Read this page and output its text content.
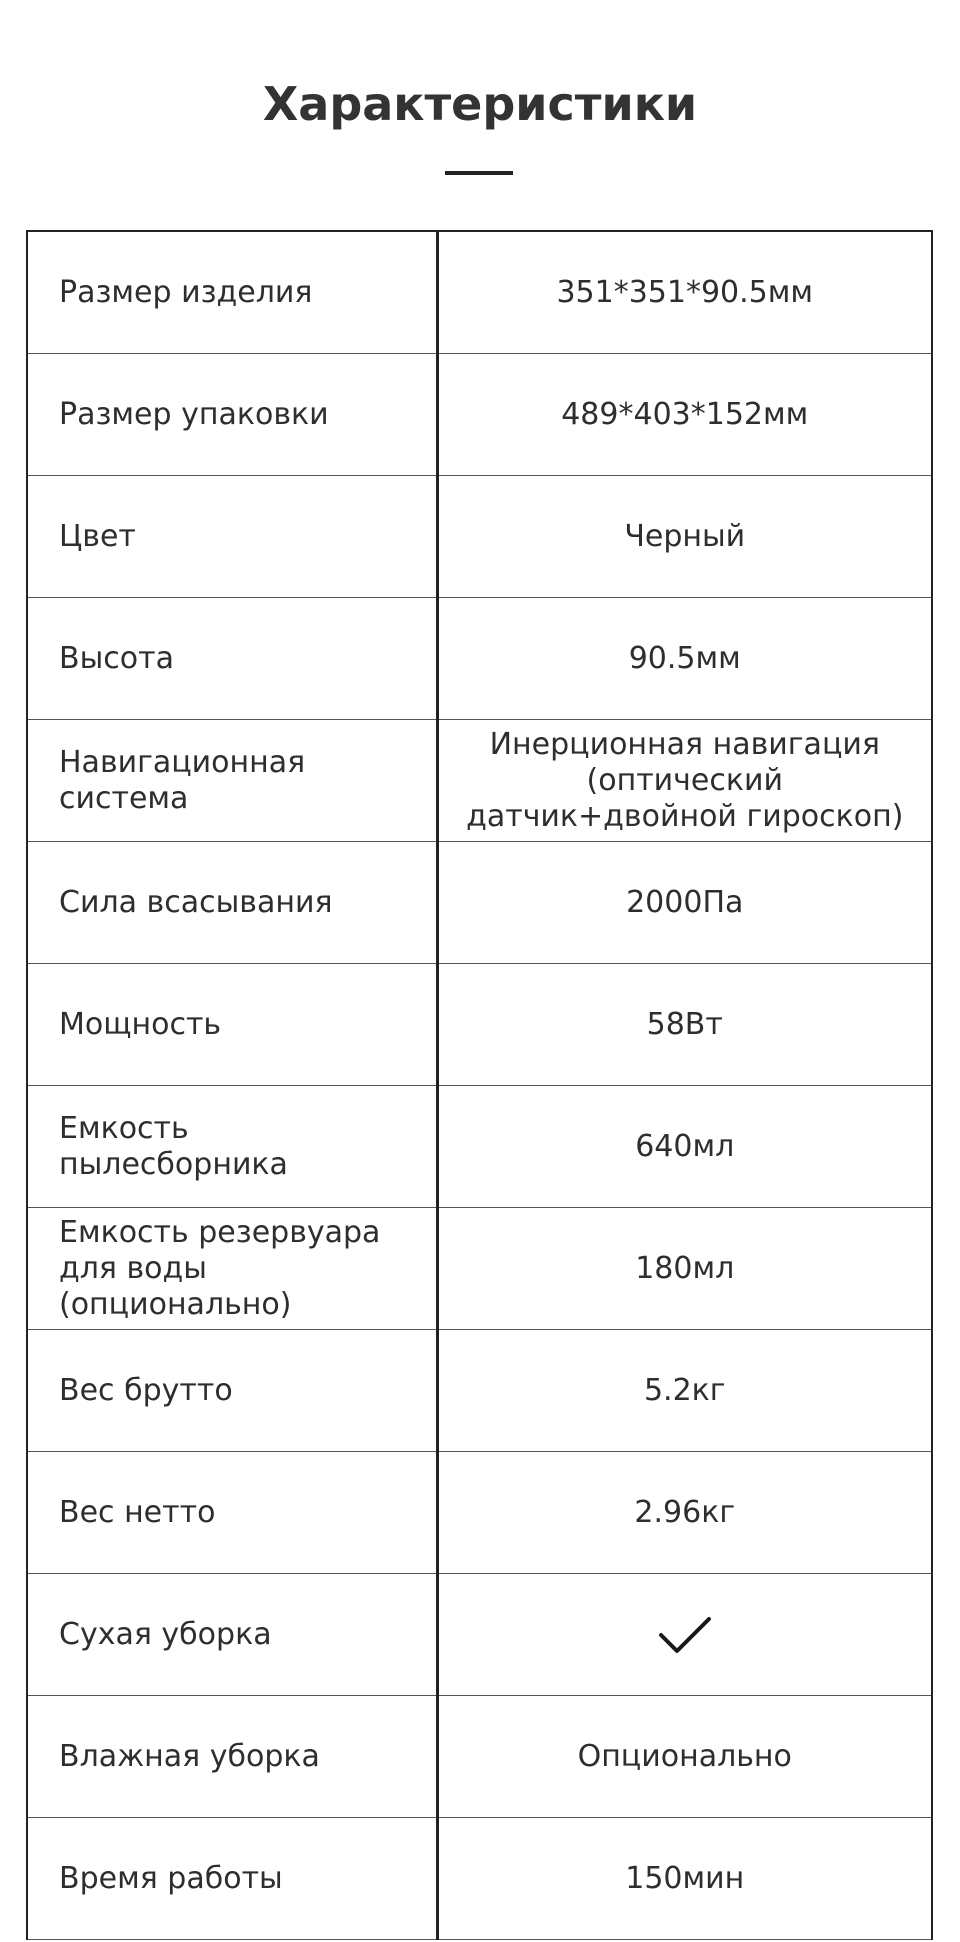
Характеристики
Размер изделия	351*351*90.5мм
Размер упаковки	489*403*152мм
Цвет	Черный
Высота	90.5мм
Навигационная система	Инерционная навигация (оптический датчик+двойной гироскоп)
Сила всасывания	2000Па
Мощность	58Вт
Емкость пылесборника	640мл
Емкость резервуара для воды (опционально)	180мл
Вес брутто	5.2кг
Вес нетто	2.96кг
Сухая уборка	
Влажная уборка	Опционально
Время работы	150мин
